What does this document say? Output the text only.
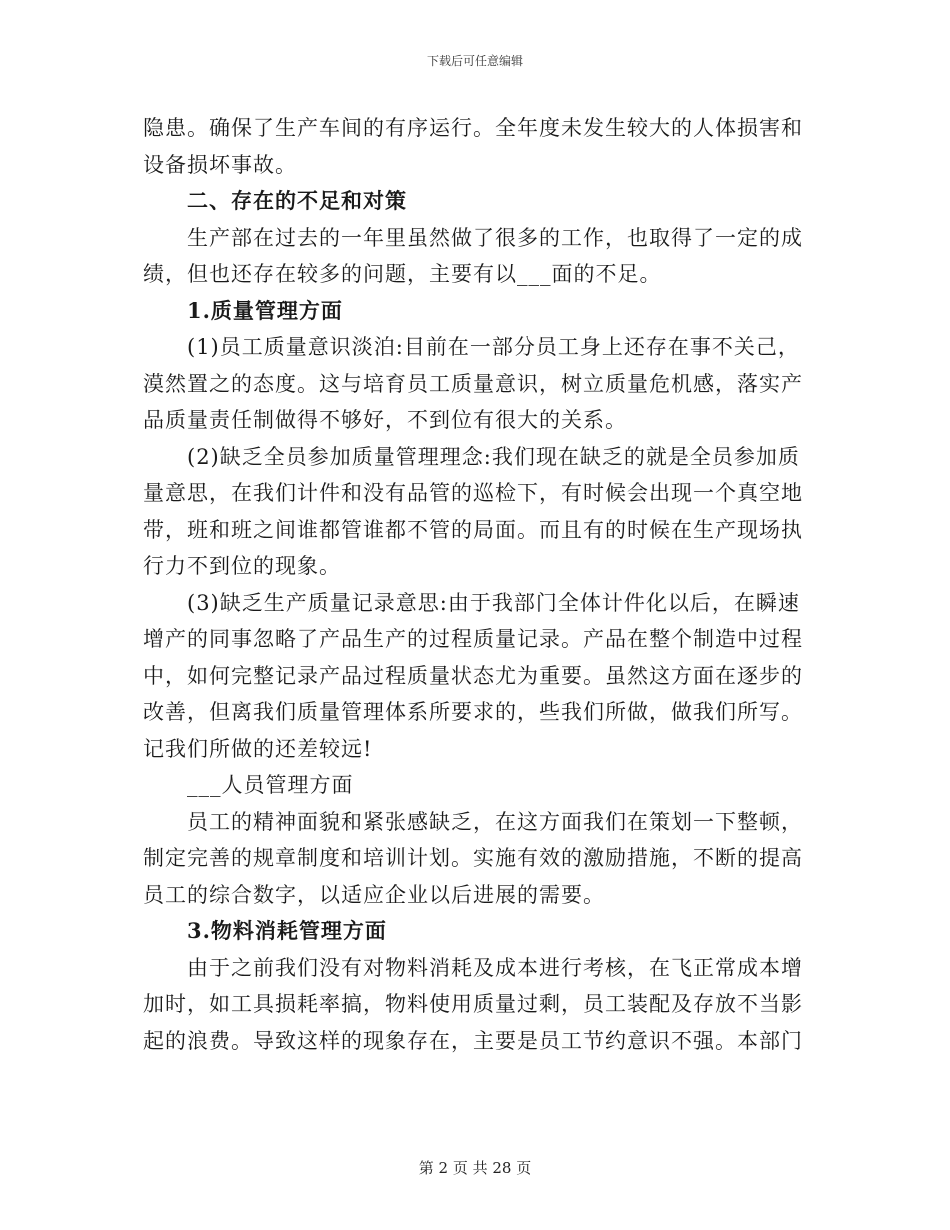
下载后可任意编辑
隐患。确保了生产车间的有序运行。全年度未发生较大的人体损害和
设备损坏事故。
二、存在的不足和对策
生产部在过去的一年里虽然做了很多的工作，也取得了一定的成
绩，但也还存在较多的问题，主要有以___面的不足。
1.质量管理方面
(1)员工质量意识淡泊:目前在一部分员工身上还存在事不关己，
漠然置之的态度。这与培育员工质量意识，树立质量危机感，落实产
品质量责任制做得不够好，不到位有很大的关系。
(2)缺乏全员参加质量管理理念:我们现在缺乏的就是全员参加质
量意思，在我们计件和没有品管的巡检下，有时候会出现一个真空地
带，班和班之间谁都管谁都不管的局面。而且有的时候在生产现场执
行力不到位的现象。
(3)缺乏生产质量记录意思:由于我部门全体计件化以后，在瞬速
增产的同事忽略了产品生产的过程质量记录。产品在整个制造中过程
中，如何完整记录产品过程质量状态尤为重要。虽然这方面在逐步的
改善，但离我们质量管理体系所要求的，些我们所做，做我们所写。
记我们所做的还差较远!
___人员管理方面
员工的精神面貌和紧张感缺乏，在这方面我们在策划一下整顿，
制定完善的规章制度和培训计划。实施有效的激励措施，不断的提高
员工的综合数字，以适应企业以后进展的需要。
3.物料消耗管理方面
由于之前我们没有对物料消耗及成本进行考核，在飞正常成本增
加时，如工具损耗率搞，物料使用质量过剩，员工装配及存放不当影
起的浪费。导致这样的现象存在，主要是员工节约意识不强。本部门
第 2 页 共 28 页
